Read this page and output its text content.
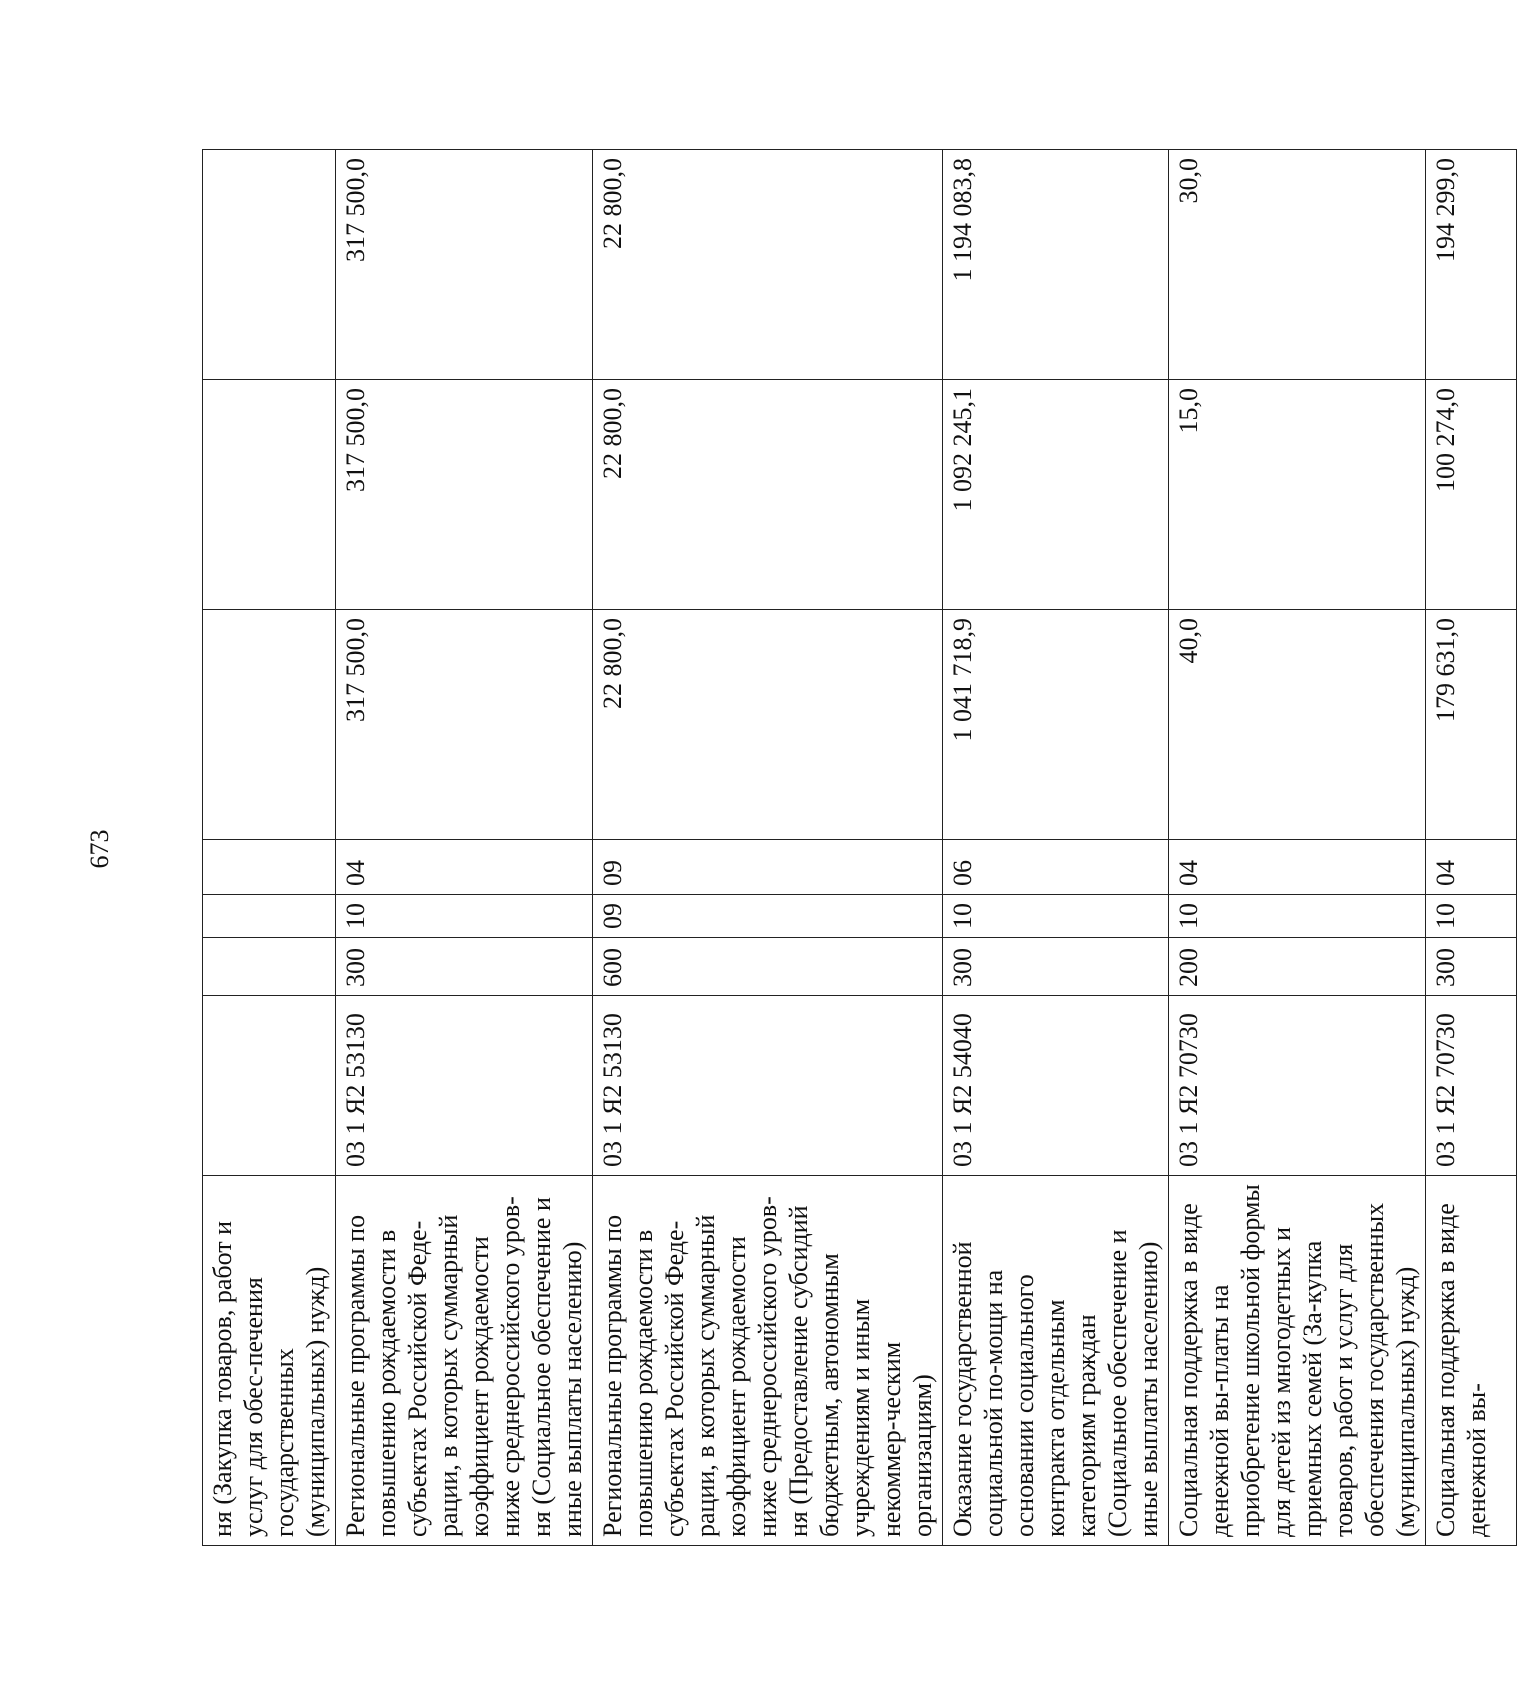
673
ня (Закупка товаров, работ и услуг для обес-печения государственных (муниципальных) нужд)							
Региональные программы по повышению рождаемости в субъектах Российской Феде-рации, в которых суммарный коэффициент рождаемости ниже среднероссийского уров-ня (Социальное обеспечение и иные выплаты населению)	03 1 Я2 53130	300	10	04	317 500,0	317 500,0	317 500,0
Региональные программы по повышению рождаемости в субъектах Российской Феде-рации, в которых суммарный коэффициент рождаемости ниже среднероссийского уров-ня (Предоставление субсидий бюджетным, автономным учреждениям и иным некоммер-ческим организациям)	03 1 Я2 53130	600	09	09	22 800,0	22 800,0	22 800,0
Оказание государственной социальной по-мощи на основании социального контракта отдельным категориям граждан (Социальное обеспечение и иные выплаты населению)	03 1 Я2 54040	300	10	06	1 041 718,9	1 092 245,1	1 194 083,8
Социальная поддержка в виде денежной вы-платы на приобретение школьной формы для детей из многодетных и приемных семей (За-купка товаров, работ и услуг для обеспечения государственных (муниципальных) нужд)	03 1 Я2 70730	200	10	04	40,0	15,0	30,0
Социальная поддержка в виде денежной вы-	03 1 Я2 70730	300	10	04	179 631,0	100 274,0	194 299,0
